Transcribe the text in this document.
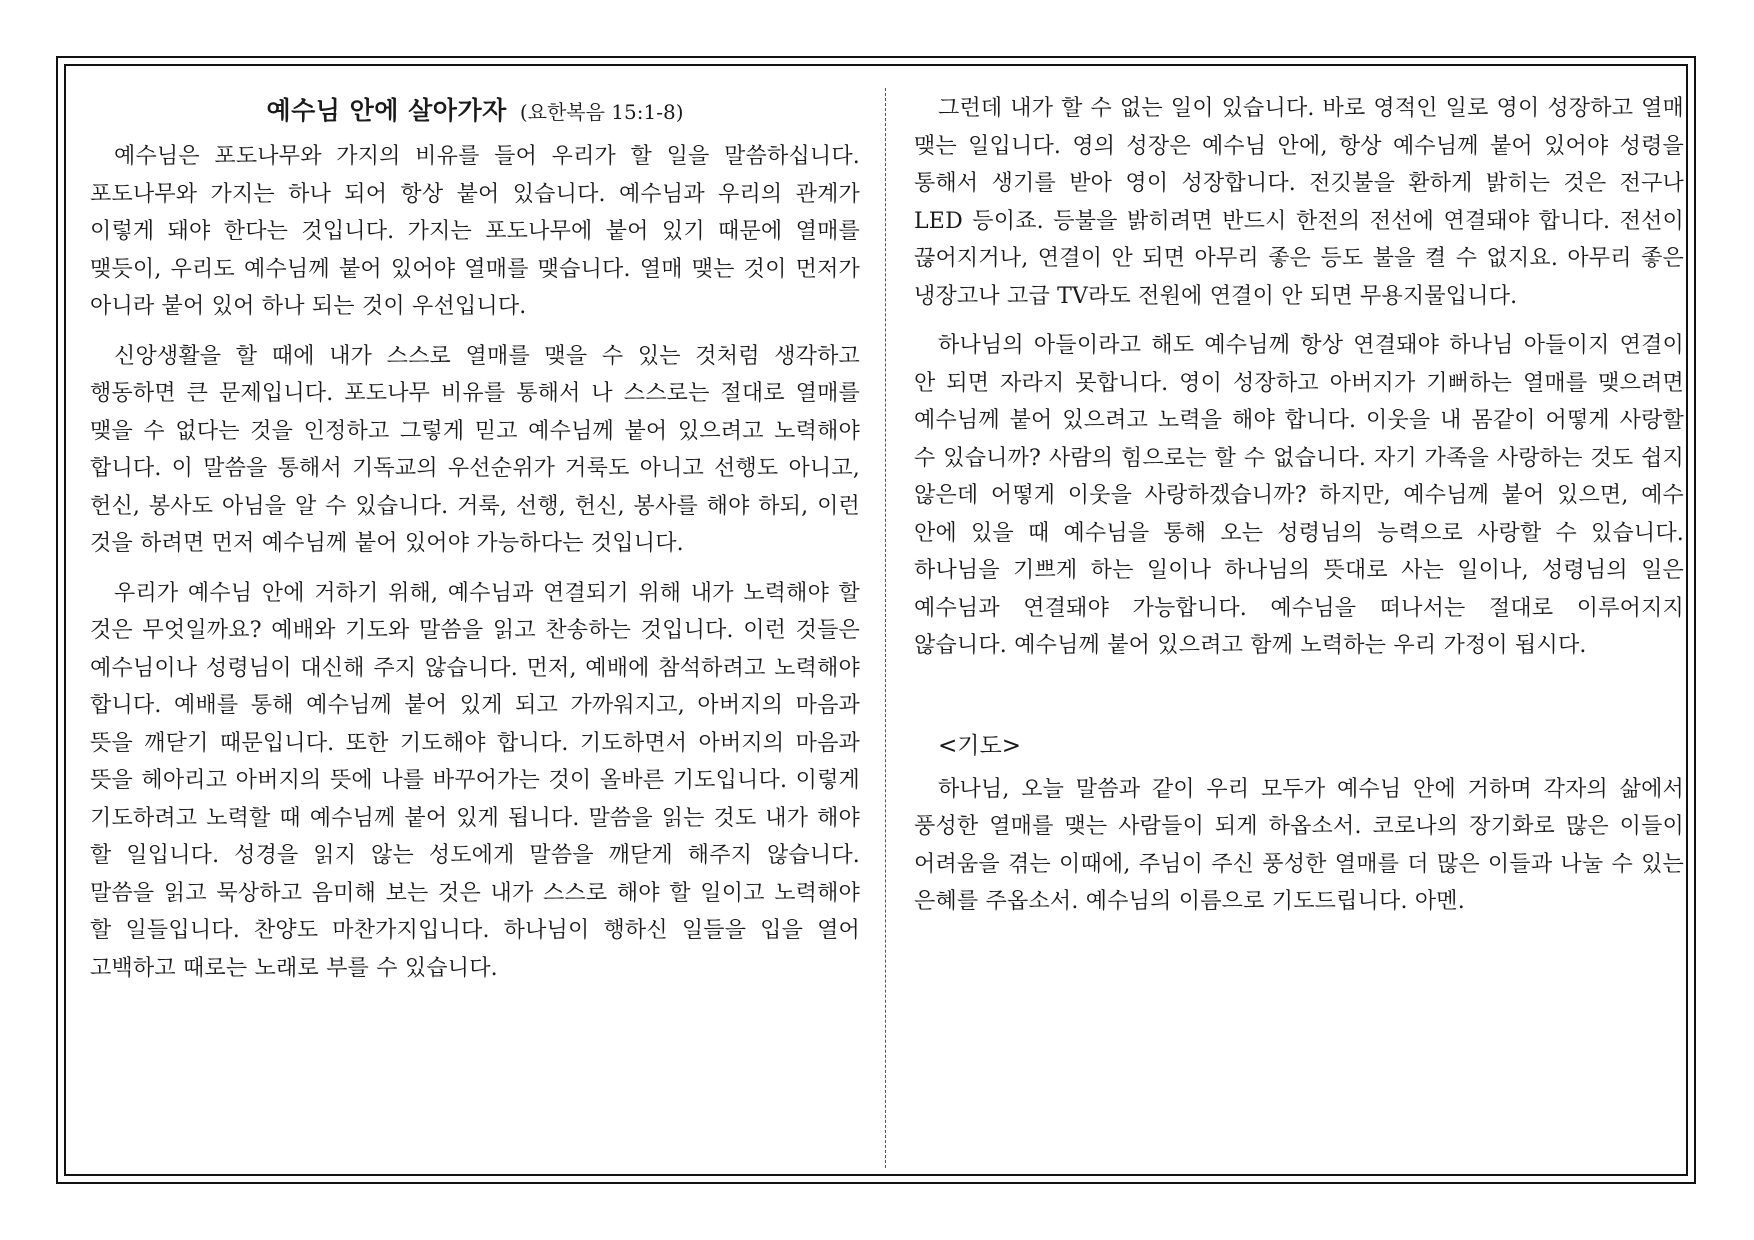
예수님 안에 살아가자 (요한복음 15:1-8)

예수님은 포도나무와 가지의 비유를 들어 우리가 할 일을 말씀하십니다. 포도나무와 가지는 하나 되어 항상 붙어 있습니다. 예수님과 우리의 관계가 이렇게 돼야 한다는 것입니다. 가지는 포도나무에 붙어 있기 때문에 열매를 맺듯이, 우리도 예수님께 붙어 있어야 열매를 맺습니다. 열매 맺는 것이 먼저가 아니라 붙어 있어 하나 되는 것이 우선입니다.

신앙생활을 할 때에 내가 스스로 열매를 맺을 수 있는 것처럼 생각하고 행동하면 큰 문제입니다. 포도나무 비유를 통해서 나 스스로는 절대로 열매를 맺을 수 없다는 것을 인정하고 그렇게 믿고 예수님께 붙어 있으려고 노력해야 합니다. 이 말씀을 통해서 기독교의 우선순위가 거룩도 아니고 선행도 아니고, 헌신, 봉사도 아님을 알 수 있습니다. 거룩, 선행, 헌신, 봉사를 해야 하되, 이런 것을 하려면 먼저 예수님께 붙어 있어야 가능하다는 것입니다.

우리가 예수님 안에 거하기 위해, 예수님과 연결되기 위해 내가 노력해야 할 것은 무엇일까요? 예배와 기도와 말씀을 읽고 찬송하는 것입니다. 이런 것들은 예수님이나 성령님이 대신해 주지 않습니다. 먼저, 예배에 참석하려고 노력해야 합니다. 예배를 통해 예수님께 붙어 있게 되고 가까워지고, 아버지의 마음과 뜻을 깨닫기 때문입니다. 또한 기도해야 합니다. 기도하면서 아버지의 마음과 뜻을 헤아리고 아버지의 뜻에 나를 바꾸어가는 것이 올바른 기도입니다. 이렇게 기도하려고 노력할 때 예수님께 붙어 있게 됩니다. 말씀을 읽는 것도 내가 해야 할 일입니다. 성경을 읽지 않는 성도에게 말씀을 깨닫게 해주지 않습니다. 말씀을 읽고 묵상하고 음미해 보는 것은 내가 스스로 해야 할 일이고 노력해야 할 일들입니다. 찬양도 마찬가지입니다. 하나님이 행하신 일들을 입을 열어 고백하고 때로는 노래로 부를 수 있습니다.

그런데 내가 할 수 없는 일이 있습니다. 바로 영적인 일로 영이 성장하고 열매 맺는 일입니다. 영의 성장은 예수님 안에, 항상 예수님께 붙어 있어야 성령을 통해서 생기를 받아 영이 성장합니다. 전깃불을 환하게 밝히는 것은 전구나 LED 등이죠. 등불을 밝히려면 반드시 한전의 전선에 연결돼야 합니다. 전선이 끊어지거나, 연결이 안 되면 아무리 좋은 등도 불을 켤 수 없지요. 아무리 좋은 냉장고나 고급 TV라도 전원에 연결이 안 되면 무용지물입니다.

하나님의 아들이라고 해도 예수님께 항상 연결돼야 하나님 아들이지 연결이 안 되면 자라지 못합니다. 영이 성장하고 아버지가 기뻐하는 열매를 맺으려면 예수님께 붙어 있으려고 노력을 해야 합니다. 이웃을 내 몸같이 어떻게 사랑할 수 있습니까? 사람의 힘으로는 할 수 없습니다. 자기 가족을 사랑하는 것도 쉽지 않은데 어떻게 이웃을 사랑하겠습니까? 하지만, 예수님께 붙어 있으면, 예수 안에 있을 때 예수님을 통해 오는 성령님의 능력으로 사랑할 수 있습니다. 하나님을 기쁘게 하는 일이나 하나님의 뜻대로 사는 일이나, 성령님의 일은 예수님과 연결돼야 가능합니다. 예수님을 떠나서는 절대로 이루어지지 않습니다. 예수님께 붙어 있으려고 함께 노력하는 우리 가정이 됩시다.

<기도>

하나님, 오늘 말씀과 같이 우리 모두가 예수님 안에 거하며 각자의 삶에서 풍성한 열매를 맺는 사람들이 되게 하옵소서. 코로나의 장기화로 많은 이들이 어려움을 겪는 이때에, 주님이 주신 풍성한 열매를 더 많은 이들과 나눌 수 있는 은혜를 주옵소서. 예수님의 이름으로 기도드립니다. 아멘.
